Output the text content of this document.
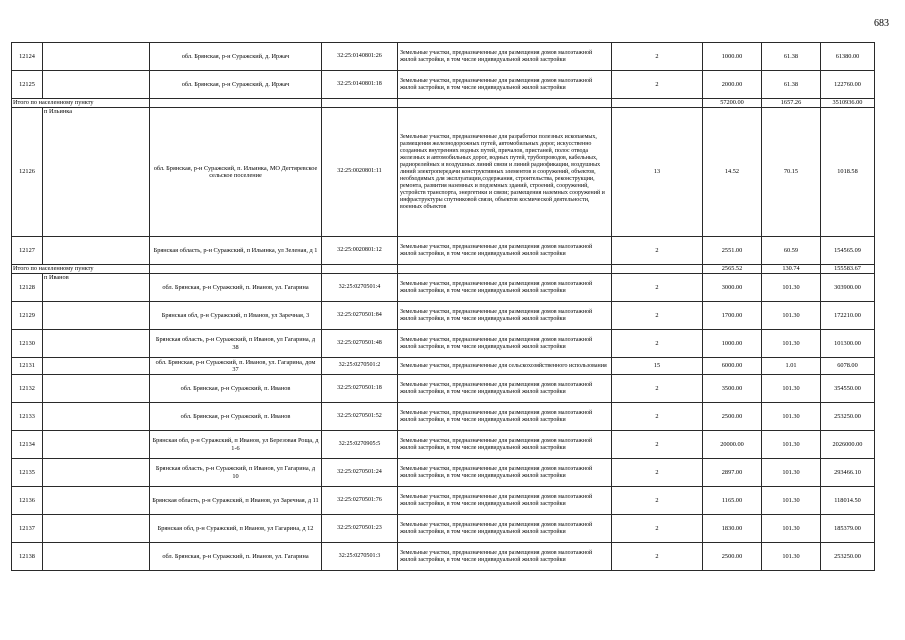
683
12124		обл. Брянская, р-н Суражский, д. Иржач	32:25:0140801:26	Земельные участки, предназначенные для размещения домов малоэтажной жилой застройки, в том числе индивидуальной жилой застройки	2	1000.00	61.38	61380.00
12125		обл. Брянская, р-н Суражский, д. Иржач	32:25:0140801:18	Земельные участки, предназначенные для размещения домов малоэтажной жилой застройки, в том числе индивидуальной жилой застройки	2	2000.00	61.38	122760.00
Итого по населенному пункту						57200.00	1657.26	3510936.00
12126	п Ильинка	обл. Брянская, р-н Суражский, п. Ильинка, МО Дегтяревское сельское поселение	32:25:0020801:11	Земельные участки, предназначенные для разработки полезных ископаемых, размещения железнодорожных путей, автомобильных дорог, искусственно созданных внутренних водных путей, причалов, пристаней, полос отвода железных и автомобильных дорог, водных путей, трубопроводов, кабельных, радиорелейных и воздушных линий связи и линий радиофикации, воздушных линий электропередачи конструктивных элементов и сооружений, объектов, необходимых для эксплуатации,содержания, строительства, реконструкции, ремонта, развития наземных и подземных зданий, строений, сооружений, устройств транспорта, энергетики и связи; размещения наземных сооружений и инфраструктуры спутниковой связи, объектов космической деятельности, военных объектов	13	14.52	70.15	1018.58
12127		Брянская область, р-н Суражский, п Ильинка, ул Зеленая, д 1	32:25:0020801:12	Земельные участки, предназначенные для размещения домов малоэтажной жилой застройки, в том числе индивидуальной жилой застройки	2	2551.00	60.59	154565.09
Итого по населенному пункту						2565.52	130.74	155583.67
12128	п Иванов	обл. Брянская, р-н Суражский, п. Иванов, ул. Гагарина	32:25:0270501:4	Земельные участки, предназначенные для размещения домов малоэтажной жилой застройки, в том числе индивидуальной жилой застройки	2	3000.00	101.30	303900.00
12129		Брянская обл, р-н Суражский, п Иванов, ул Заречная, 3	32:25:0270501:84	Земельные участки, предназначенные для размещения домов малоэтажной жилой застройки, в том числе индивидуальной жилой застройки	2	1700.00	101.30	172210.00
12130		Брянская область, р-н Суражский, п Иванов, ул Гагарина, д 38	32:25:0270501:48	Земельные участки, предназначенные для размещения домов малоэтажной жилой застройки, в том числе индивидуальной жилой застройки	2	1000.00	101.30	101300.00
12131		обл. Брянская, р-н Суражский, п. Иванов, ул. Гагарина, дом 37	32:25:0270501:2	Земельные участки, предназначенные для сельскохозяйственного использования	15	6000.00	1.01	6078.00
12132		обл. Брянская, р-н Суражский, п. Иванов	32:25:0270501:18	Земельные участки, предназначенные для размещения домов малоэтажной жилой застройки, в том числе индивидуальной жилой застройки	2	3500.00	101.30	354550.00
12133		обл. Брянская, р-н Суражский, п. Иванов	32:25:0270501:52	Земельные участки, предназначенные для размещения домов малоэтажной жилой застройки, в том числе индивидуальной жилой застройки	2	2500.00	101.30	253250.00
12134		Брянская обл, р-н Суражский, п Иванов, ул Березовая Роща, д 1-6	32:25:0270905:5	Земельные участки, предназначенные для размещения домов малоэтажной жилой застройки, в том числе индивидуальной жилой застройки	2	20000.00	101.30	2026000.00
12135		Брянская область, р-н Суражский, п Иванов, ул Гагарина, д 10	32:25:0270501:24	Земельные участки, предназначенные для размещения домов малоэтажной жилой застройки, в том числе индивидуальной жилой застройки	2	2897.00	101.30	293466.10
12136		Брянская область, р-н Суражский, п Иванов, ул Заречная, д 11	32:25:0270501:76	Земельные участки, предназначенные для размещения домов малоэтажной жилой застройки, в том числе индивидуальной жилой застройки	2	1165.00	101.30	118014.50
12137		Брянская обл, р-н Суражский, п Иванов, ул Гагарина, д 12	32:25:0270501:23	Земельные участки, предназначенные для размещения домов малоэтажной жилой застройки, в том числе индивидуальной жилой застройки	2	1830.00	101.30	185379.00
12138		обл. Брянская, р-н Суражский, п. Иванов, ул. Гагарина	32:25:0270501:3	Земельные участки, предназначенные для размещения домов малоэтажной жилой застройки, в том числе индивидуальной жилой застройки	2	2500.00	101.30	253250.00
